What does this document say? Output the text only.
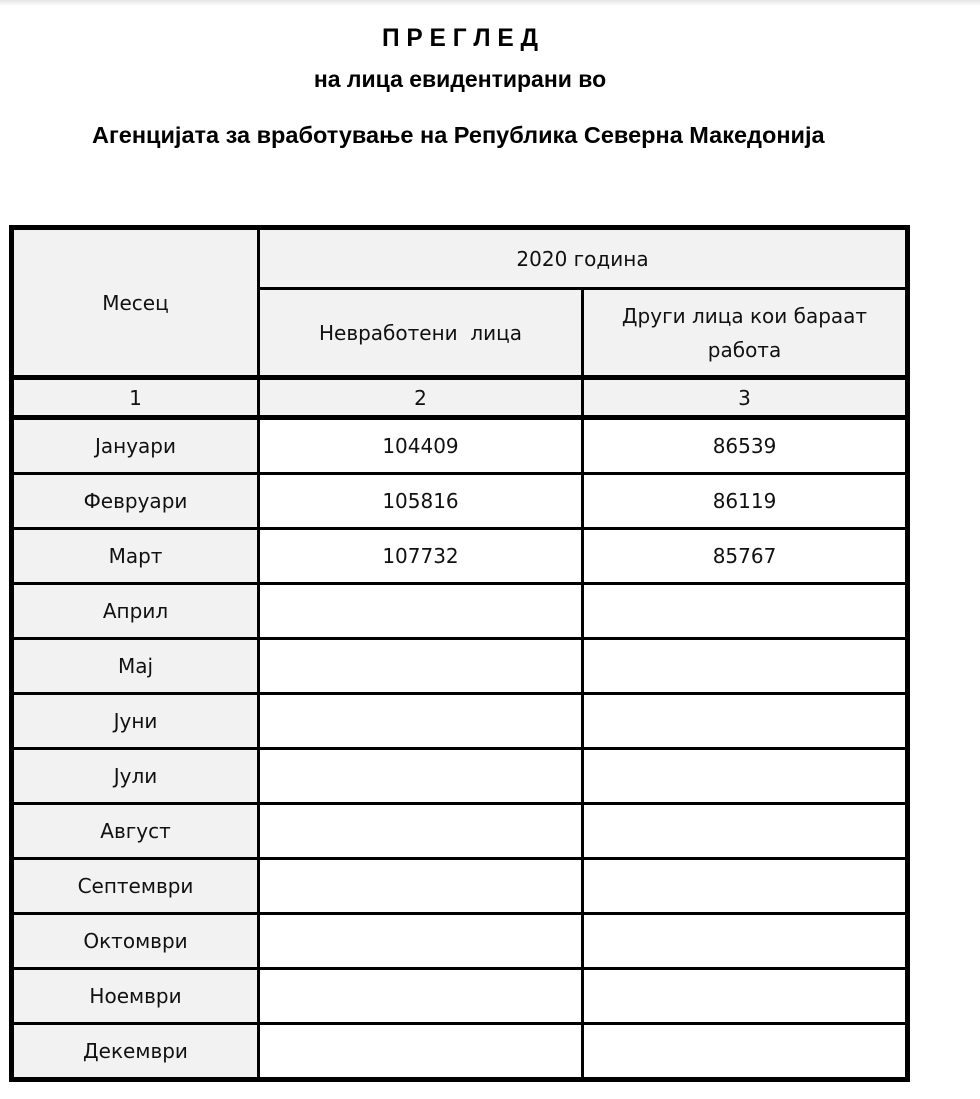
П Р Е Г Л Е Д
на лица евидентирани во
Агенцијата за вработување на Република Северна Македонија
Месец	2020 година	
	Невработени  лица	Други лица кои бараат работа
1	2	3
Јануари	104409	86539
Февруари	105816	86119
Март	107732	85767
Април		
Мај		
Јуни		
Јули		
Август		
Септември		
Октомври		
Ноември		
Декември		
